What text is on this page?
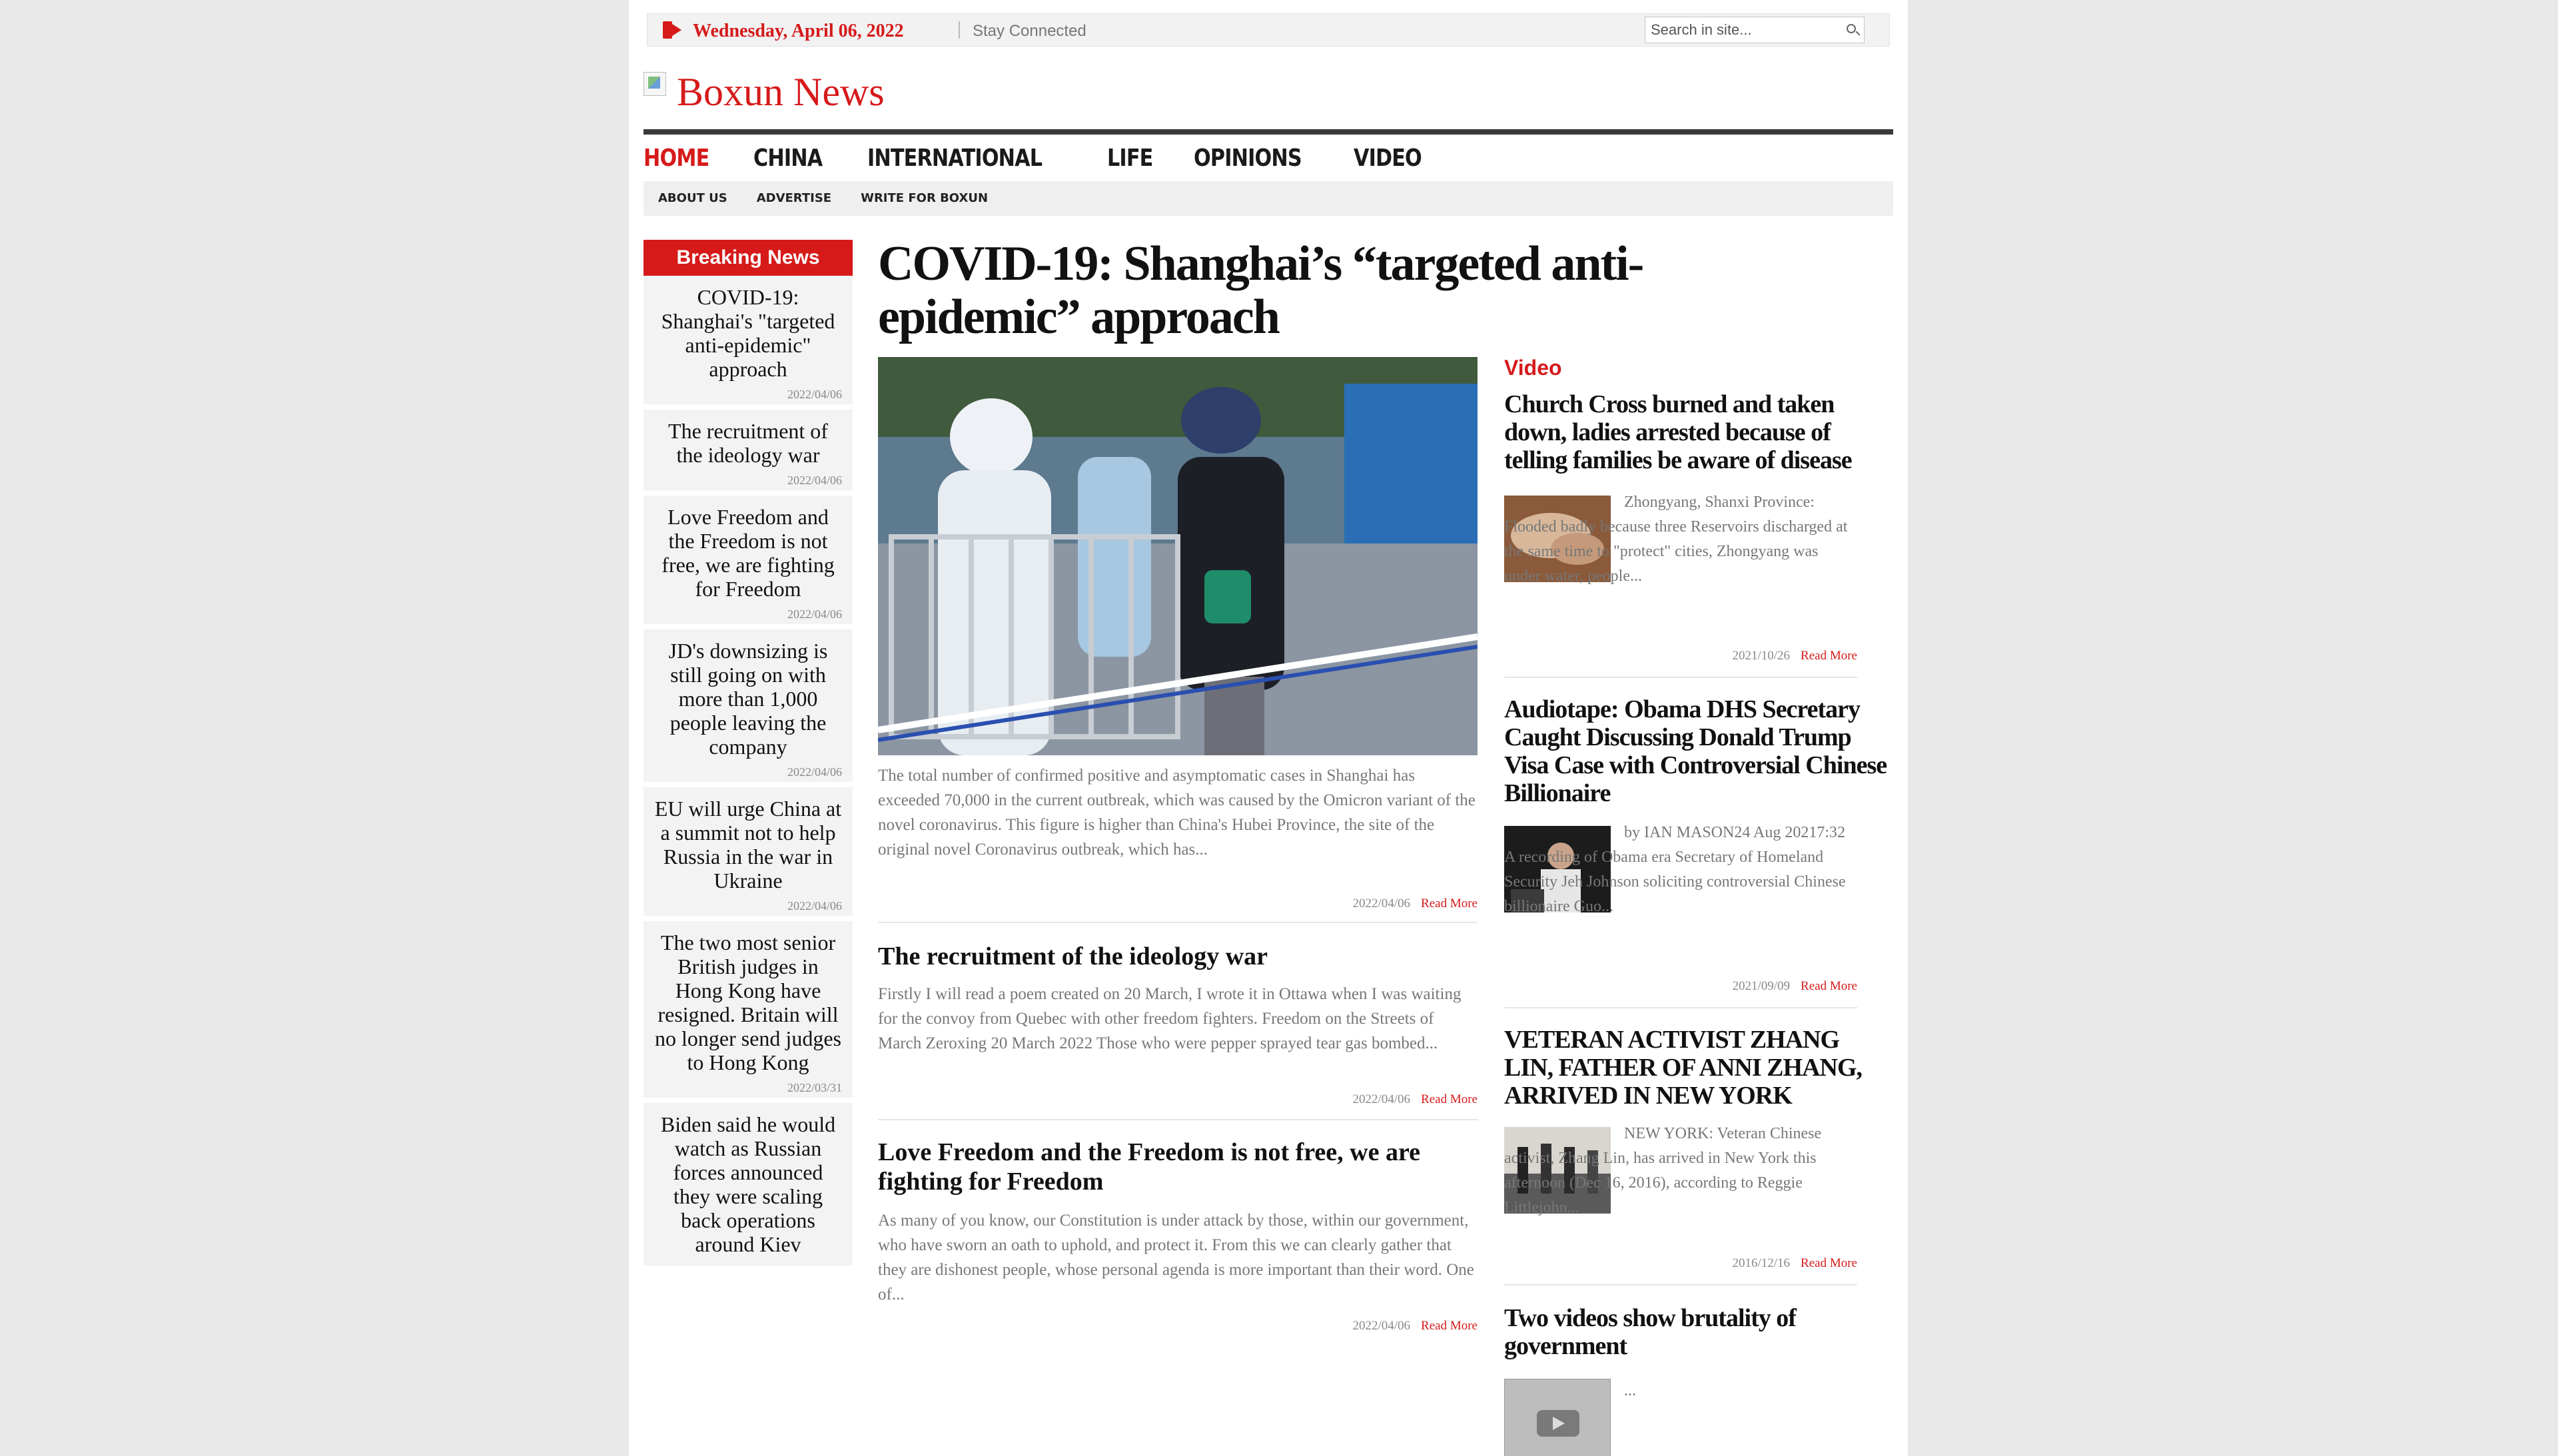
Wednesday, April 06, 2022	Stay Connected
Search in site...
Boxun News
HOME CHINA INTERNATIONAL	LIFE OPINIONS VIDEO
ABOUT US ADVERTISE WRITE FOR BOXUN
Breaking News
COVID-19: Shanghai's "targeted anti-epidemic" approach
2022/04/06
The recruitment of the ideology war
2022/04/06
Love Freedom and the Freedom is not free, we are fighting for Freedom
2022/04/06
JD's downsizing is still going on with more than 1,000 people leaving the company
2022/04/06
EU will urge China at a summit not to help Russia in the war in Ukraine
2022/04/06
The two most senior British judges in Hong Kong have resigned. Britain will no longer send judges to Hong Kong
2022/03/31
Biden said he would watch as Russian forces announced they were scaling back operations around Kiev
COVID-19: Shanghai’s “targeted anti-epidemic” approach

The total number of confirmed positive and asymptomatic cases in Shanghai has exceeded 70,000 in the current outbreak, which was caused by the Omicron variant of the novel coronavirus. This figure is higher than China's Hubei Province, the site of the original novel Coronavirus outbreak, which has...

2022/04/06 Read More
The recruitment of the ideology war

Firstly I will read a poem created on 20 March, I wrote it in Ottawa when I was waiting for the convoy from Quebec with other freedom fighters. Freedom on the Streets of March Zeroxing 20 March 2022 Those who were pepper sprayed tear gas bombed...

2022/04/06 Read More
Love Freedom and the Freedom is not free, we are fighting for Freedom

As many of you know, our Constitution is under attack by those, within our government, who have sworn an oath to uphold, and protect it. From this we can clearly gather that they are dishonest people, whose personal agenda is more important than their word. One of...

2022/04/06 Read More
Video
Church Cross burned and taken down, ladies arrested because of telling families be aware of disease

Zhongyang, Shanxi Province: Flooded badly because three Reservoirs discharged at the same time to "protect" cities, Zhongyang was under water, people...

2021/10/26 Read More
Audiotape: Obama DHS Secretary Caught Discussing Donald Trump Visa Case with Controversial Chinese Billionaire

by IAN MASON24 Aug 20217:32 A recording of Obama era Secretary of Homeland Security Jeh Johnson soliciting controversial Chinese billionaire Guo...

2021/09/09 Read More
VETERAN ACTIVIST ZHANG LIN, FATHER OF ANNI ZHANG, ARRIVED IN NEW YORK

NEW YORK: Veteran Chinese activist, Zhang Lin, has arrived in New York this afternoon (Dec 16, 2016), according to Reggie Littlejohn...

2016/12/16 Read More
Two videos show brutality of government

...
